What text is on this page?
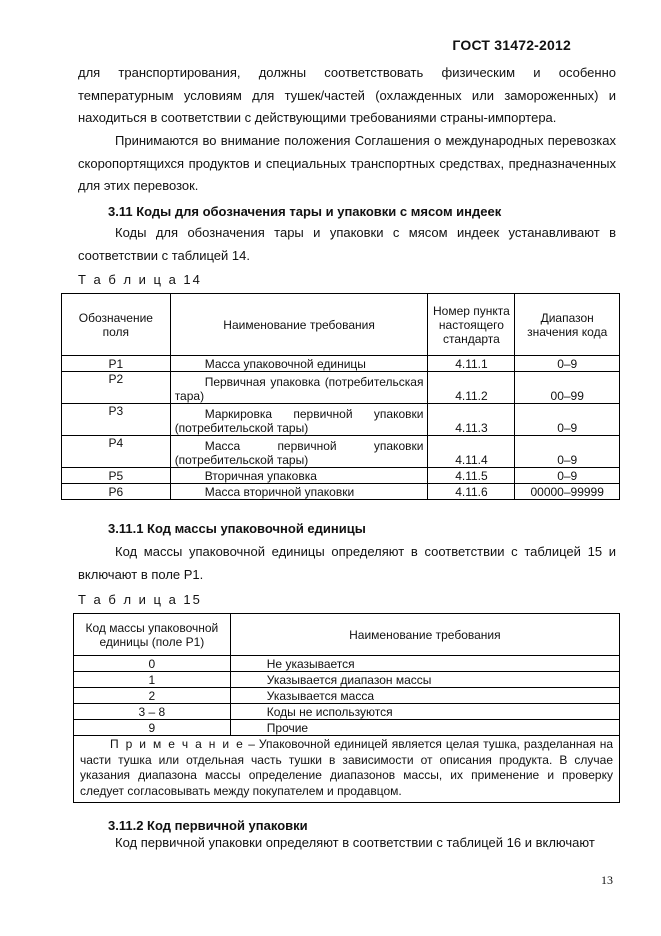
ГОСТ 31472-2012
для транспортирования, должны соответствовать физическим и особенно температурным условиям для тушек/частей (охлажденных или замороженных) и находиться в соответствии с действующими требованиями страны-импортера.
Принимаются во внимание положения Соглашения о международных перевозках скоропортящихся продуктов и специальных транспортных средствах, предназначенных для этих перевозок.
3.11 Коды для обозначения тары и упаковки с мясом индеек
Коды для обозначения тары и упаковки с мясом индеек устанавливают в соответствии с таблицей 14.
Т а б л и ц а 14
Обозначение поля	Наименование требования	Номер пункта настоящего стандарта	Диапазон значения кода
Р1	Масса упаковочной единицы	4.11.1	0–9
Р2	Первичная упаковка (потребительская тара)	4.11.2	00–99
Р3	Маркировка первичной упаковки (потребительской тары)	4.11.3	0–9
Р4	Масса первичной упаковки (потребительской тары)	4.11.4	0–9
Р5	Вторичная упаковка	4.11.5	0–9
Р6	Масса вторичной упаковки	4.11.6	00000–99999
3.11.1 Код массы упаковочной единицы
Код массы упаковочной единицы определяют в соответствии с таблицей 15 и включают в поле Р1.
Т а б л и ц а 15
Код массы упаковочной единицы (поле Р1)	Наименование требования
0	Не указывается
1	Указывается диапазон массы
2	Указывается масса
3 – 8	Коды не используются
9	Прочие
П р и м е ч а н и е – Упаковочной единицей является целая тушка, разделанная на части тушка или отдельная часть тушки в зависимости от описания продукта. В случае указания диапазона массы определение диапазонов массы, их применение и проверку следует согласовывать между покупателем и продавцом.	
3.11.2 Код первичной упаковки
Код первичной упаковки определяют в соответствии с таблицей 16 и включают
13
